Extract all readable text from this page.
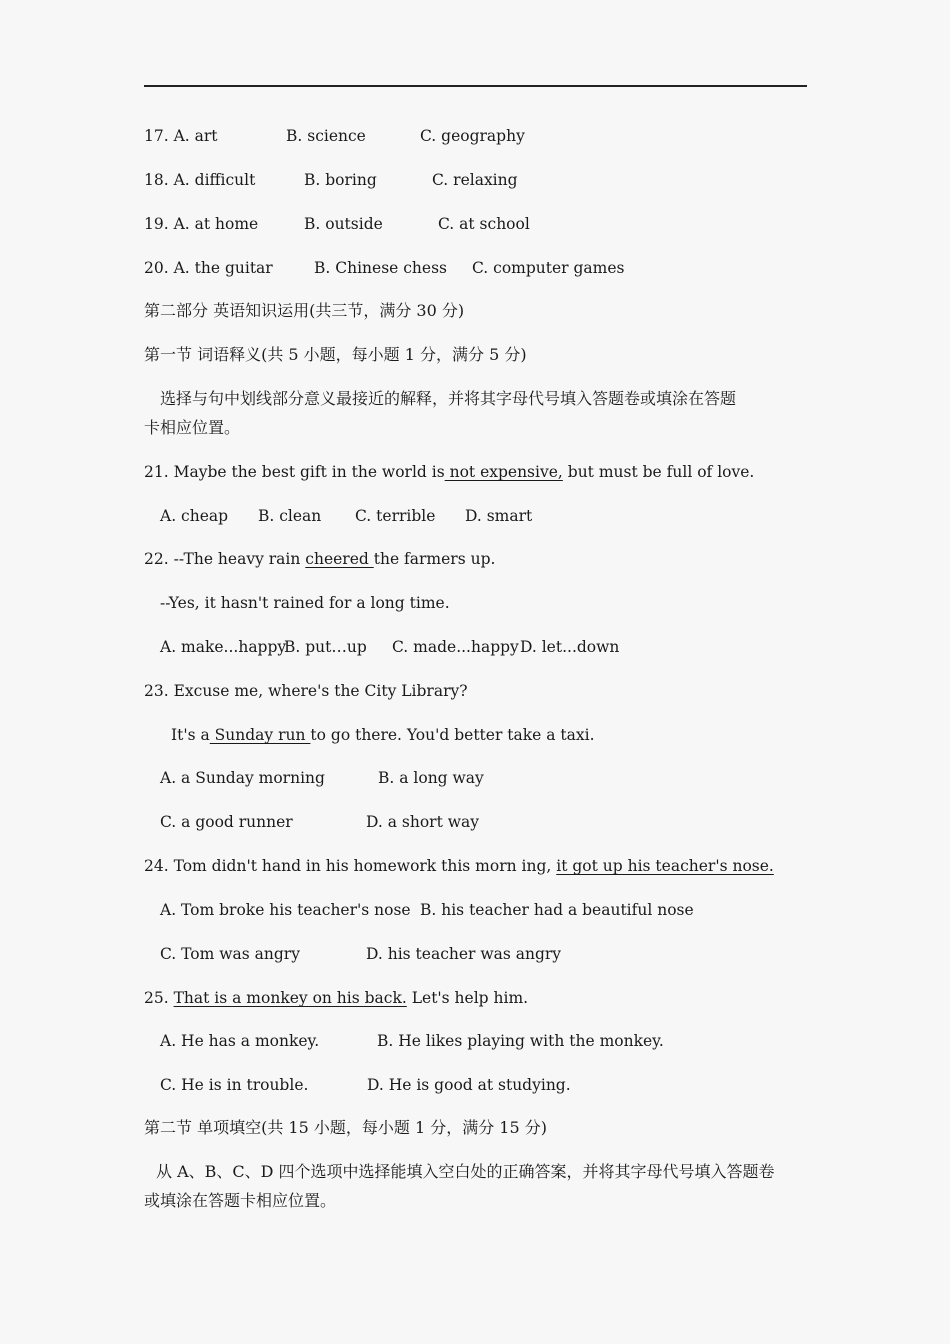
17. A. art	B. science	C. geography
18. A. difficult	B. boring	C. relaxing
19. A. at home	B. outside	C. at school
20. A. the guitar	B. Chinese chess C. computer games
第二部分 英语知识运用(共三节，满分 30 分)
第一节 词语释义(共 5 小题，每小题 1 分，满分 5 分)
选择与句中划线部分意义最接近的解释，并将其字母代号填入答题卷或填涂在答题
卡相应位置。
21. Maybe the best gift in the world is not expensive, but must be full of love.
A. cheap B. clean C. terrible D. smart
22. --The heavy rain cheered the farmers up.
--Yes, it hasn't rained for a long time.
A. make...happy
B. put…up C. made...happy D. let...down
23. Excuse me, where's the City Library?
It's a Sunday run to go there. You'd better take a taxi.
A. a Sunday morning	B. a long way
C. a good runner	D. a short way
24. Tom didn't hand in his homework this morn ing, it got up his teacher's nose.
A. Tom broke his teacher's nose B. his teacher had a beautiful nose
C. Tom was angry	D. his teacher was angry
25. That is a monkey on his back. Let's help him.
A. He has a monkey.	B. He likes playing with the monkey.
C. He is in trouble.	D. He is good at studying.
第二节 单项填空(共 15 小题，每小题 1 分，满分 15 分)
从 A、B、C、D 四个选项中选择能填入空白处的正确答案，并将其字母代号填入答题卷
或填涂在答题卡相应位置。
